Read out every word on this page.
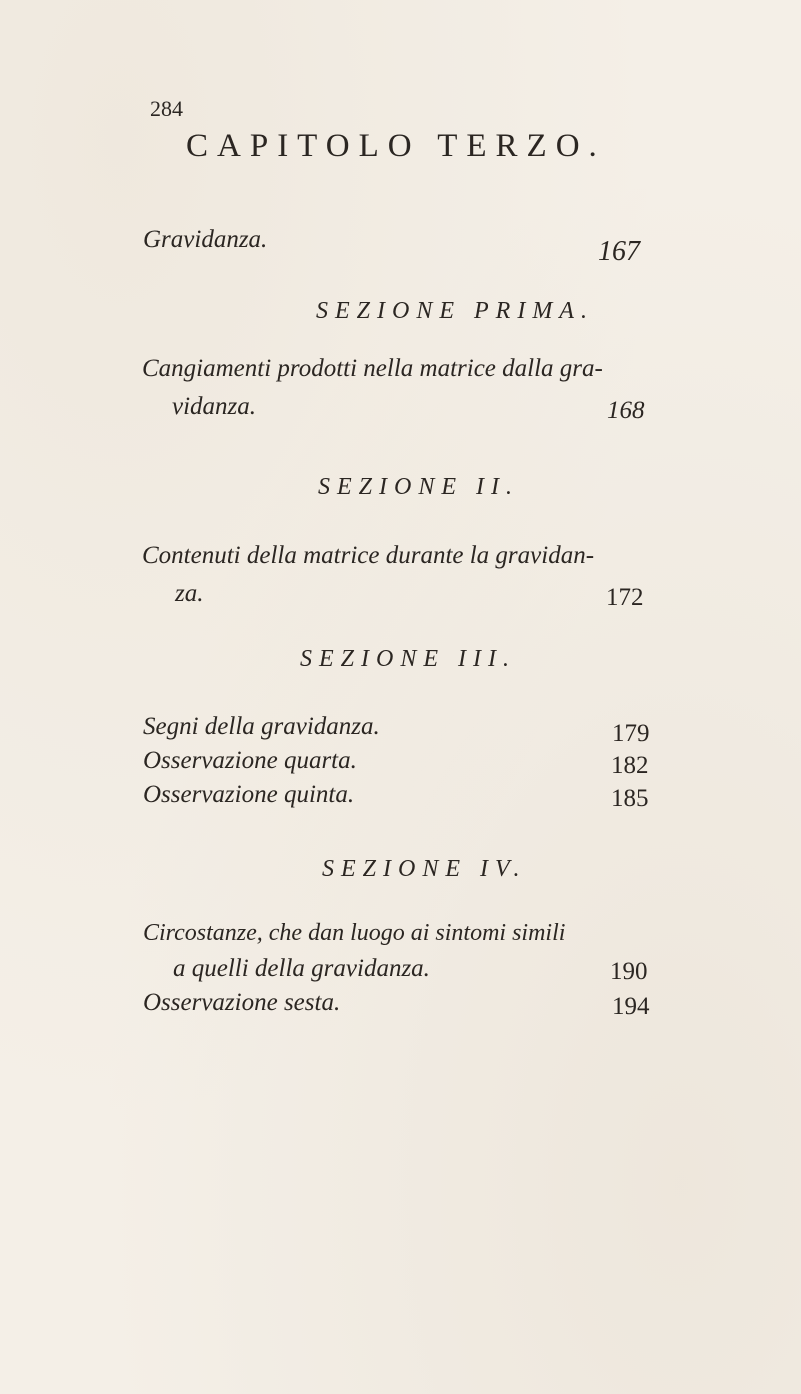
284
CAPITOLO TERZO.
Gravidanza.	167
SEZIONE PRIMA.
Cangiamenti prodotti nella matrice dalla gra-
vidanza.	168
SEZIONE II.
Contenuti della matrice durante la gravidan-
za.	172
SEZIONE III.
Segni della gravidanza.	179
Osservazione quarta.	182
Osservazione quinta.	185
SEZIONE IV.
Circostanze, che dan luogo ai sintomi simili
a quelli della gravidanza.	190
Osservazione sesta.	194
